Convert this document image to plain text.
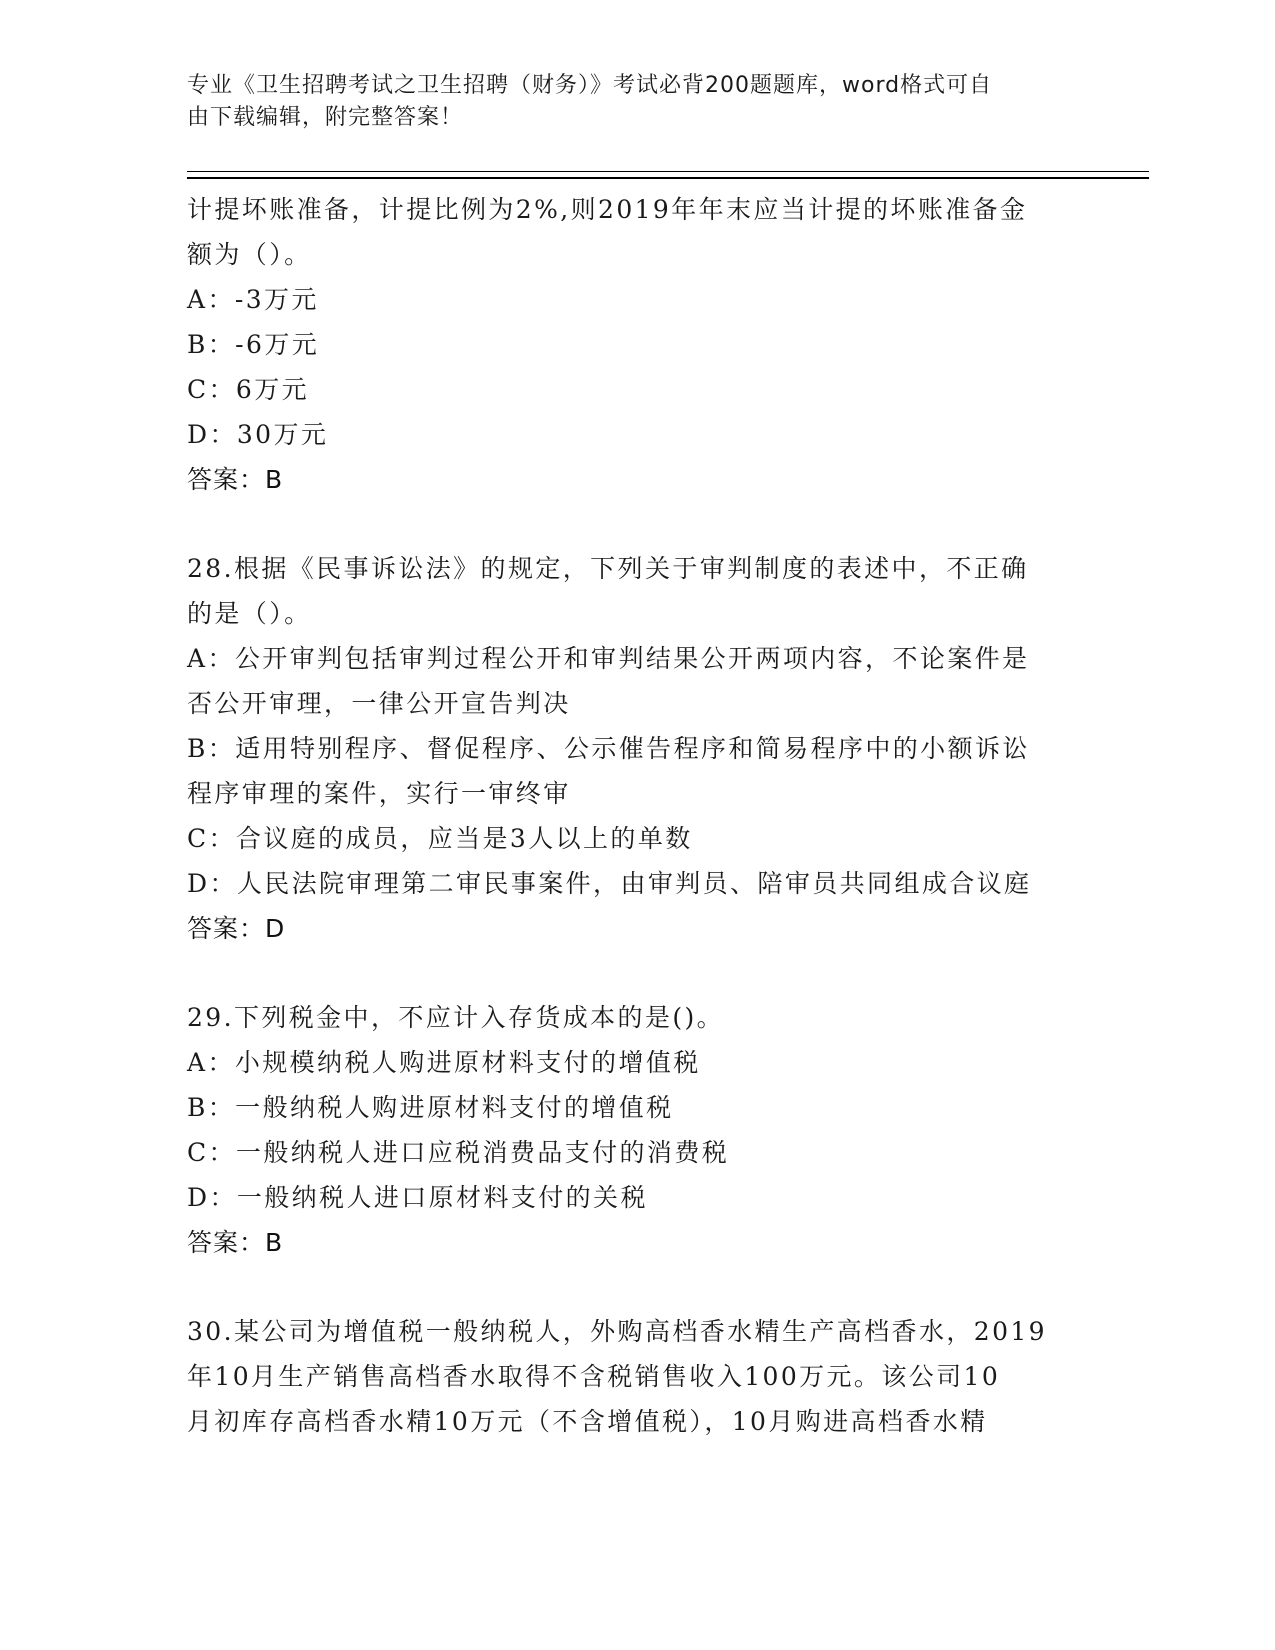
专业《卫生招聘考试之卫生招聘（财务）》考试必背200题题库，word格式可自
由下载编辑，附完整答案！
计提坏账准备，计提比例为2%,则2019年年末应当计提的坏账准备金
额为（）。
A：-3万元
B：-6万元
C：6万元
D：30万元
答案：B
28.根据《民事诉讼法》的规定，下列关于审判制度的表述中，不正确
的是（）。
A：公开审判包括审判过程公开和审判结果公开两项内容，不论案件是
否公开审理，一律公开宣告判决
B：适用特别程序、督促程序、公示催告程序和简易程序中的小额诉讼
程序审理的案件，实行一审终审
C：合议庭的成员，应当是3人以上的单数
D：人民法院审理第二审民事案件，由审判员、陪审员共同组成合议庭
答案：D
29.下列税金中，不应计入存货成本的是()。
A：小规模纳税人购进原材料支付的增值税
B：一般纳税人购进原材料支付的增值税
C：一般纳税人进口应税消费品支付的消费税
D：一般纳税人进口原材料支付的关税
答案：B
30.某公司为增值税一般纳税人，外购高档香水精生产高档香水，2019
年10月生产销售高档香水取得不含税销售收入100万元。该公司10
月初库存高档香水精10万元（不含增值税），10月购进高档香水精
